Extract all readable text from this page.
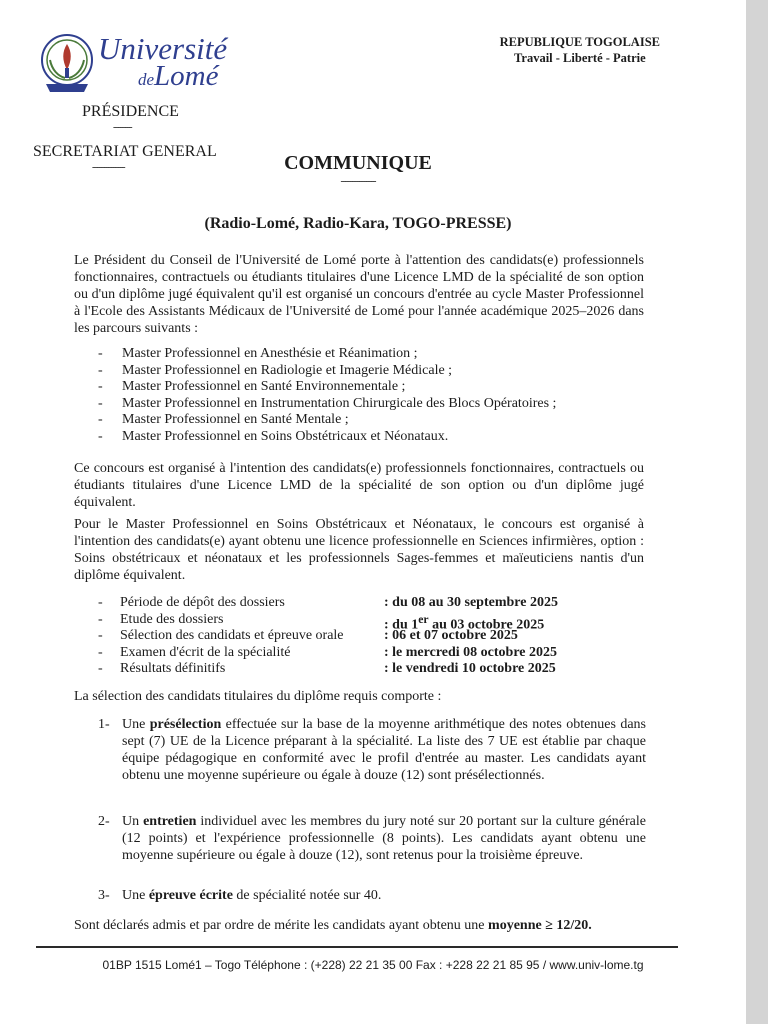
Université
deLomé
PRÉSIDENCE
--------
SECRETARIAT GENERAL
--------------
REPUBLIQUE TOGOLAISE
Travail - Liberté - Patrie
COMMUNIQUE
---------------
(Radio-Lomé, Radio-Kara, TOGO-PRESSE)

Le Président du Conseil de l'Université de Lomé porte à l'attention des candidats(e) professionnels fonctionnaires, contractuels ou étudiants titulaires d'une Licence LMD de la spécialité de son option ou d'un diplôme jugé équivalent qu'il est organisé un concours d'entrée au cycle Master Professionnel à l'Ecole des Assistants Médicaux de l'Université de Lomé pour l'année académique 2025–2026 dans les parcours suivants :

- Master Professionnel en Anesthésie et Réanimation ;
- Master Professionnel en Radiologie et Imagerie Médicale ;
- Master Professionnel en Santé Environnementale ;
- Master Professionnel en Instrumentation Chirurgicale des Blocs Opératoires ;
- Master Professionnel en Santé Mentale ;
- Master Professionnel en Soins Obstétricaux et Néonataux.

Ce concours est organisé à l'intention des candidats(e) professionnels fonctionnaires, contractuels ou étudiants titulaires d'une Licence LMD de la spécialité de son option ou d'un diplôme jugé équivalent.

Pour le Master Professionnel en Soins Obstétricaux et Néonataux, le concours est organisé à l'intention des candidats(e) ayant obtenu une licence professionnelle en Sciences infirmières, option : Soins obstétricaux et néonataux et les professionnels Sages-femmes et maïeuticiens nantis d'un diplôme équivalent.

- Période de dépôt des dossiers	: du 08 au 30 septembre 2025
- Etude des dossiers	: du 1er au 03 octobre 2025
- Sélection des candidats et épreuve orale	: 06 et 07 octobre 2025
- Examen d'écrit de la spécialité	: le mercredi 08 octobre 2025
- Résultats définitifs	: le vendredi 10 octobre 2025

La sélection des candidats titulaires du diplôme requis comporte :

1- Une présélection effectuée sur la base de la moyenne arithmétique des notes obtenues dans sept (7) UE de la Licence préparant à la spécialité. La liste des 7 UE est établie par chaque équipe pédagogique en conformité avec le profil d'entrée au master. Les candidats ayant obtenu une moyenne supérieure ou égale à douze (12) sont présélectionnés.
2- Un entretien individuel avec les membres du jury noté sur 20 portant sur la culture générale (12 points) et l'expérience professionnelle (8 points). Les candidats ayant obtenu une moyenne supérieure ou égale à douze (12), sont retenus pour la troisième épreuve.
3- Une épreuve écrite de spécialité notée sur 40.
Sont déclarés admis et par ordre de mérite les candidats ayant obtenu une moyenne ≥ 12/20.
01BP 1515 Lomé1 – Togo Téléphone : (+228) 22 21 35 00 Fax : +228 22 21 85 95 / www.univ-lome.tg
